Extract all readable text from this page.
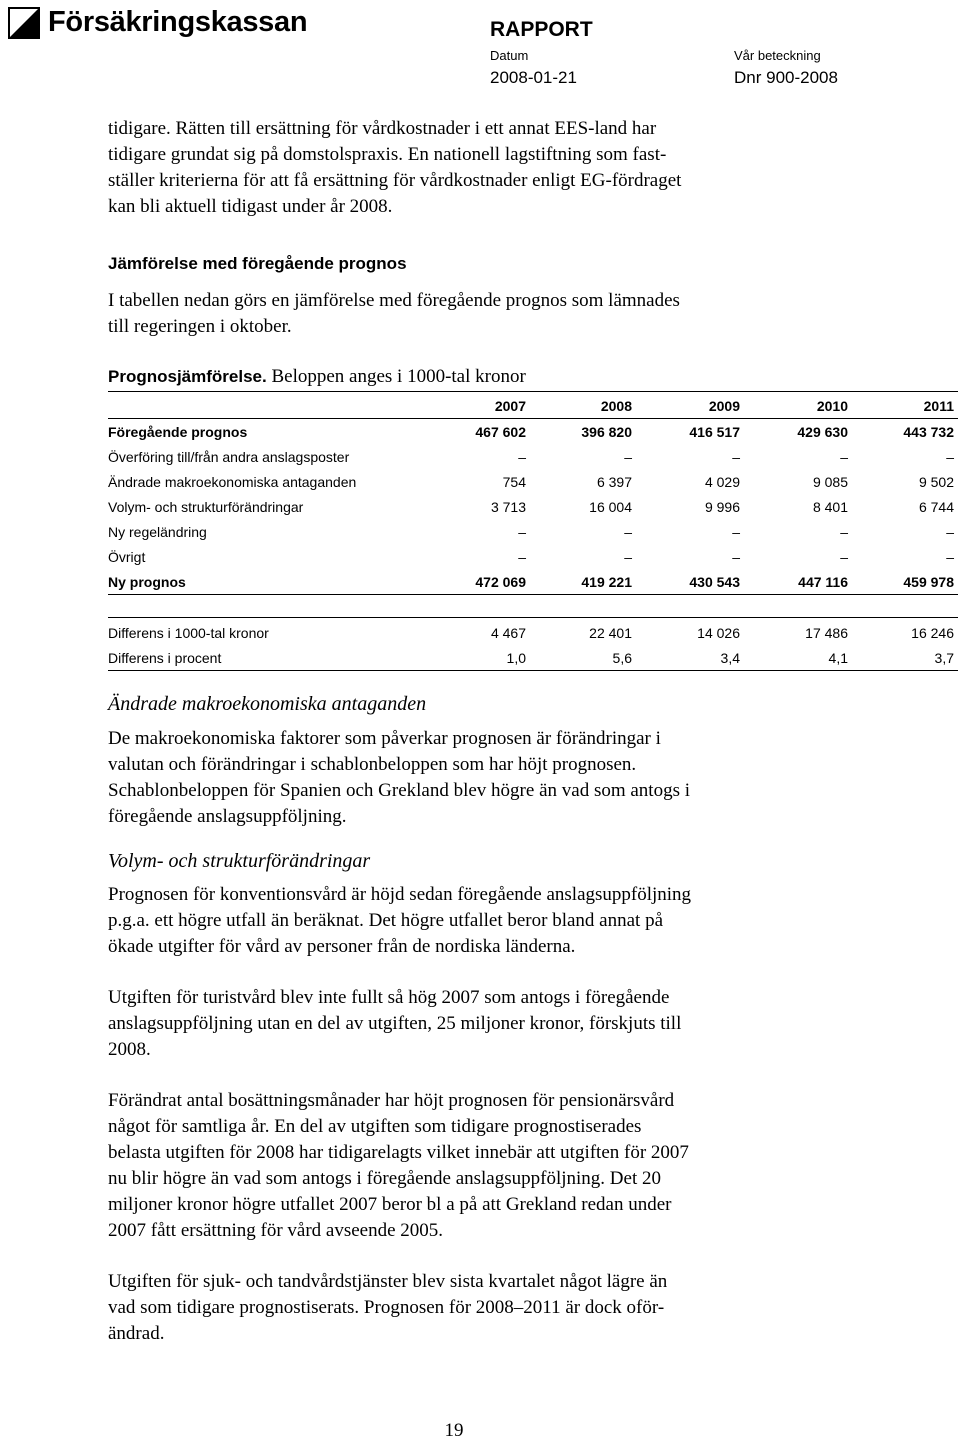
Försäkringskassan	RAPPORT
Datum	Vår beteckning
2008-01-21	Dnr 900-2008
tidigare. Rätten till ersättning för vårdkostnader i ett annat EES-land har
tidigare grundat sig på domstolspraxis. En nationell lagstiftning som fast-
ställer kriterierna för att få ersättning för vårdkostnader enligt EG-fördraget
kan bli aktuell tidigast under år 2008.
Jämförelse med föregående prognos
I tabellen nedan görs en jämförelse med föregående prognos som lämnades
till regeringen i oktober.
Prognosjämförelse. Beloppen anges i 1000-tal kronor
2007	2008	2009	2010	2011
Föregående prognos	467 602	396 820	416 517	429 630	443 732
Överföring till/från andra anslagsposter	–	–	–	–	–
Ändrade makroekonomiska antaganden	754	6 397	4 029	9 085	9 502
Volym- och strukturförändringar	3 713	16 004	9 996	8 401	6 744
Ny regeländring	–	–	–	–	–
Övrigt	–	–	–	–	–
Ny prognos	472 069	419 221	430 543	447 116	459 978
Differens i 1000-tal kronor	4 467	22 401	14 026	17 486	16 246
Differens i procent	1,0	5,6	3,4	4,1	3,7
Ändrade makroekonomiska antaganden
De makroekonomiska faktorer som påverkar prognosen är förändringar i
valutan och förändringar i schablonbeloppen som har höjt prognosen.
Schablonbeloppen för Spanien och Grekland blev högre än vad som antogs i
föregående anslagsuppföljning.
Volym- och strukturförändringar
Prognosen för konventionsvård är höjd sedan föregående anslagsuppföljning
p.g.a. ett högre utfall än beräknat. Det högre utfallet beror bland annat på
ökade utgifter för vård av personer från de nordiska länderna.
Utgiften för turistvård blev inte fullt så hög 2007 som antogs i föregående
anslagsuppföljning utan en del av utgiften, 25 miljoner kronor, förskjuts till
2008.
Förändrat antal bosättningsmånader har höjt prognosen för pensionärsvård
något för samtliga år. En del av utgiften som tidigare prognostiserades
belasta utgiften för 2008 har tidigarelagts vilket innebär att utgiften för 2007
nu blir högre än vad som antogs i föregående anslagsuppföljning. Det 20
miljoner kronor högre utfallet 2007 beror bl a på att Grekland redan under
2007 fått ersättning för vård avseende 2005.
Utgiften för sjuk- och tandvårdstjänster blev sista kvartalet något lägre än
vad som tidigare prognostiserats. Prognosen för 2008–2011 är dock oför-
ändrad.
19
